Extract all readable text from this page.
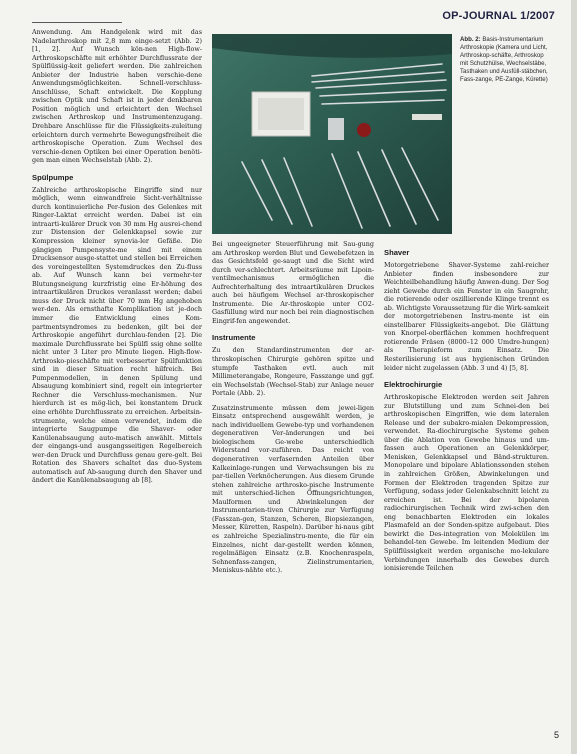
OP-JOURNAL 1/2007

Anwendung. Am Handgelenk wird mit das Nadelarthroskop mit 2,8 mm einge-setzt (Abb. 2) [1, 2]. Auf Wunsch kön-nen High-flow-Arthroskopschäfte mit erhöhter Durchflussrate der Spülflüssig-keit geliefert werden. Die zahlreichen Anbieter der Industrie haben verschie-dene Anwendungsmöglichkeiten. Schnell-verschluss-Anschlüsse, Schaft entwickelt. Die Kopplung zwischen Optik und Schaft ist in jeder denkbaren Position möglich und erleichtert den Wechsel zwischen Arthroskop und Instrumentenzugang. Drehbare Anschlüsse für die Flüssigkeits-zuleitung erleichtern durch vermehrte Bewegungsfreiheit die arthroskopische Operation. Zum Wechsel des verschie-denen Optiken bei einer Operation benöti-gen man einen Wechselstab (Abb. 2).

Spülpumpe

Zahlreiche arthroskopische Eingriffe sind nur möglich, wenn einwandfreie Sicht-verhältnisse durch kontinuierliche Per-fusion des Gelenkes mit Ringer-Laktat erreicht werden. Dabei ist ein intraarti-kulärer Druck von 30 mm Hg ausrei-chend zur Distension der Gelenkkapsel sowie zur Kompression kleiner synovia-ler Gefäße. Die gängigen Pumpensyste-me sind mit einem Drucksensor ausge-stattet und stellen bei Erreichen des voreingestellten Systemdruckes den Zu-fluss ab. Auf Wunsch kann bei vermehr-ter Blutungsneigung kurzfristig eine Er-höhung des intraartikulären Druckes veranlasst werden; dabei muss der Druck nicht über 70 mm Hg angehoben wer-den. Als ernsthafte Komplikation ist je-doch immer die Entwicklung eines Kom-partmentsyndromes zu bedenken, gilt bei der Arthroskopie angeführt durchlau-fenden [2]. Die maximale Durchflussrate bei Spülfl ssig ohne sollte nicht unter 3 Liter pro Minute liegen. High-flow-Arthrosko-pieschäfte mit verbesserter Spülfunktion sind in dieser Situation recht hilfreich. Bei Pumpenmodellen, in denen Spülung und Absaugung kombiniert sind, regelt ein integrierter Rechner die Verschluss-mechanismen. Nur hierdurch ist es mög-lich, bei konstantem Druck eine erhöhte Durchflussrate zu erreichen. Arbeitsin-strumente, welche einen verwendet, indem die integrierte Saugpumpe die Shaver- oder Kanülenabsaugung auto-matisch anwählt. Mittels der eingangs-und ausgangsseitigen Regelbereich wer-den Druck und Durchfluss genau gere-gelt. Bei Rotation des Shavers schaltet das duo-System automatisch auf Ab-saugung durch den Shaver und ändert die Kanülenabsaugung ab [8].

Abb. 2: Basis-Instrumentarium Arthroskopie (Kamera und Licht, Arthroskop-schäfte, Arthroskop mit Schutzhülse, Wechselstäbe, Tasthaken und Ausfüll-stäbchen, Fass-zange, PE-Zange, Kürette)

Bei ungeeigneter Steuerführung mit Sau-gung am Arthroskop werden Blut und Gewebefetzen in das Gesichtsfeld ge-saugt und die Sicht wird durch ver-schlechtert. Arbeitsräume mit Lipoin-ventilmechanismus ermöglichen die Aufrechterhaltung des intraartikulären Druckes auch bei häufigem Wechsel ar-throskopischer Instrumente. Die Ar-throskopie unter CO2-Gasfüllung wird nur noch bei rein diagnostischen Eingrif-fen angewendet.

Instrumente

Zu den Standardinstrumenten der ar-throskopischen Chirurgie gehören spitze und stumpfe Tasthaken evtl. auch mit Millimeterangabe, Rongeure, Fasszange und ggf. ein Wechselstab (Wechsel-Stab) zur Anlage neuer Portale (Abb. 2).

Zusatzinstrumente müssen dem jewei-ligen Einsatz entsprechend ausgewählt werden, je nach individuellem Gewebe-typ und vorhandenen degenerativen Ver-änderungen und bei biologischem Ge-webe unterschiedlich Widerstand vor-zuführen. Das reicht von degenerativen verfasernden Anteilen über Kalkeinlage-rungen und Verwachsungen bis zu par-tiellen Verknöcherungen. Aus diesem Grunde stehen zahlreiche arthrosko-pische Instrumente mit unterschied-lichen Öffnungsrichtungen, Maulformen und Abwinkelungen der Instrumentarien-tiven Chirurgie zur Verfügung (Fasszan-gen, Stanzen, Scheren, Biopsiezangen, Messer, Küretten, Raspeln). Darüber hi-naus gibt es zahlreiche Spezialinstru-mente, die für ein Einzelnes, nicht dar-gestellt werden können, regelmäßigen Einsatz (z.B. Knochenraspeln, Sehnenfass-zangen, Zielinstrumentarien, Meniskus-nähte etc.).

Shaver

Motorgetriebene Shaver-Systeme zahl-reicher Anbieter finden insbesondere zur Weichteilbehandlung häufig Anwen-dung. Der Sog zieht Gewebe durch ein Fenster in ein Saugrohr, die rotierende oder oszillierende Klinge trennt es ab. Wichtigste Voraussetzung für die Wirk-samkeit der motorgetriebenen Instru-mente ist ein einstellbarer Flüssigkeits-angebot. Die Glättung von Knorpel-oberflächen kommen hochfrequent rotierende Fräsen (8000–12 000 Umdre-hungen) als Therapieform zum Einsatz. Die Resterilisierung ist aus hygienischen Gründen leider nicht zugelassen (Abb. 3 und 4) [5, 8].

Elektrochirurgie

Arthroskopische Elektroden werden seit Jahren zur Blutstillung und zum Schnei-den bei arthroskopischen Eingriffen, wie dem lateralen Release und der subakro-mialen Dekompression, verwendet. Ra-diochirurgische Systeme gehen über die Ablation von Gewebe hinaus und um-fassen auch Operationen an Gelenkkörper, Menisken, Gelenkkapsel und Bänd-strukturen. Monopolare und bipolare Ablationssonden stehen in zahlreichen Größen, Abwinkelungen und Formen der Elektroden tragenden Spitze zur Verfügung, sodass jeder Gelenkabschnitt leicht zu erreichen ist. Bei der bipolaren radiochirurgischen Technik wird zwi-schen den eng benachbarten Elektroden ein lokales Plasmafeld an der Sonden-spitze aufgebaut. Dies bewirkt die Des-integration von Molekülen im behandel-ten Gewebe. Im leitenden Medium der Spülflüssigkeit werden organische mo-lekulare Verbindungen innerhalb des Gewebes durch ionisierende Teilchen

5
